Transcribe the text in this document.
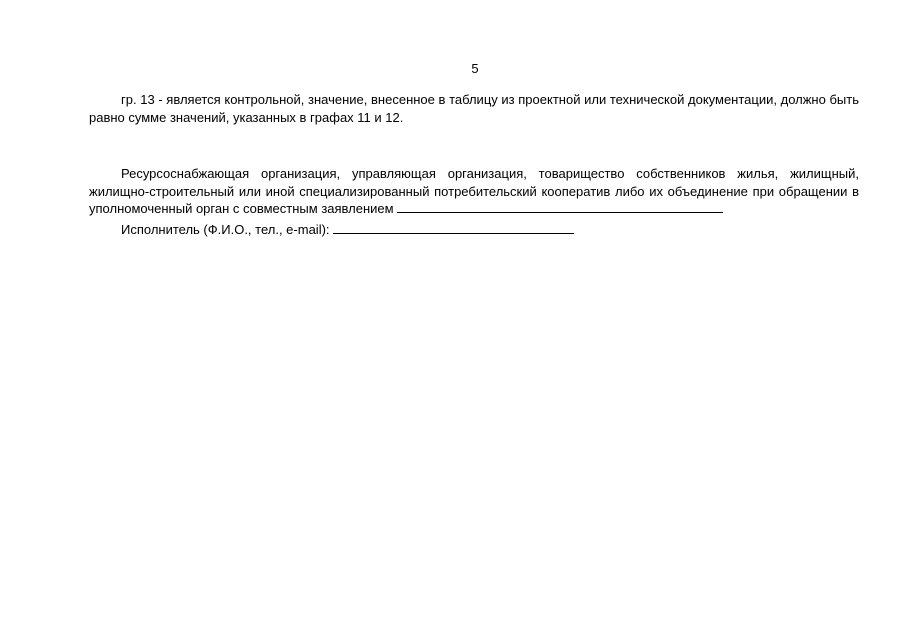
5

гр. 13 - является контрольной, значение, внесенное в таблицу из проектной или технической документации, должно быть равно сумме значений, указанных в графах 11 и 12.

Ресурсоснабжающая организация, управляющая организация, товарищество собственников жилья, жилищный, жилищно-строительный или иной специализированный потребительский кооператив либо их объединение при обращении в уполномоченный орган с совместным заявлением

Исполнитель (Ф.И.О., тел., e-mail):
